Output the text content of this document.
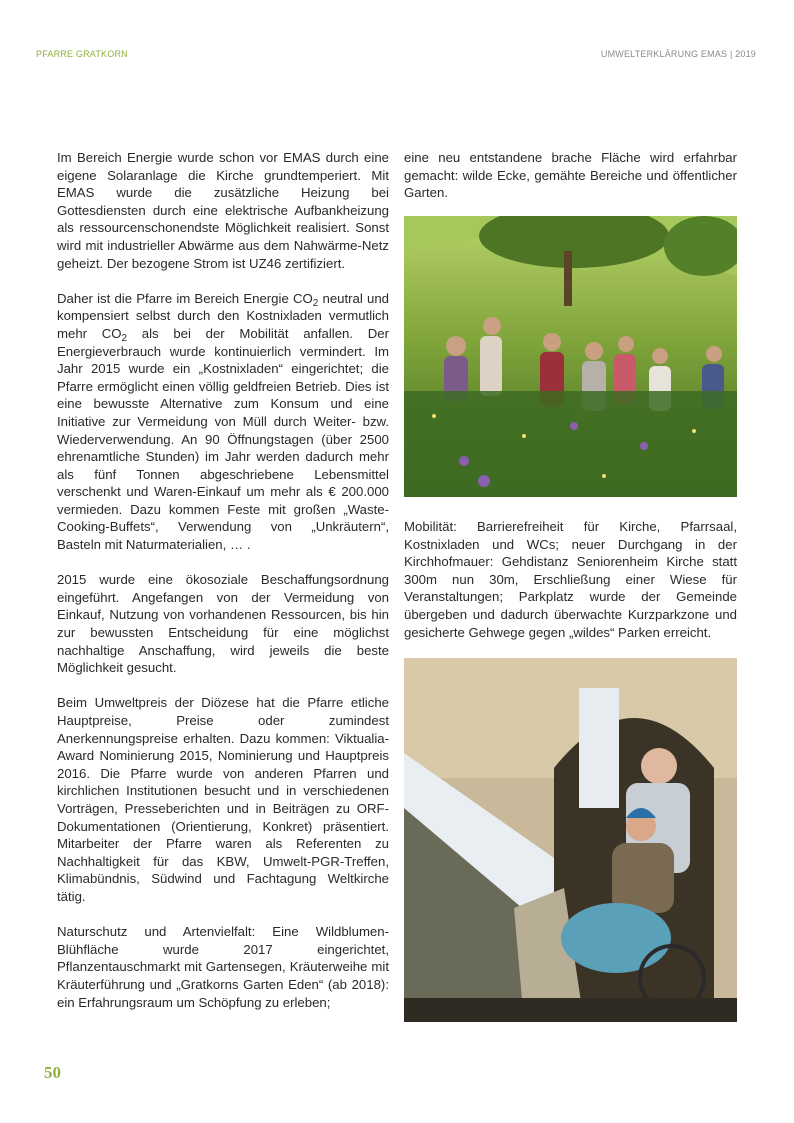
PFARRE GRATKORN	UMWELTERKLÄRUNG EMAS | 2019

Im Bereich Energie wurde schon vor EMAS durch eine eigene Solaranlage die Kirche grundtemperiert. Mit EMAS wurde die zusätzliche Heizung bei Gottesdiensten durch eine elektrische Aufbankheizung als ressourcenschonendste Möglichkeit realisiert. Sonst wird mit industrieller Abwärme aus dem Nahwärme-Netz geheizt. Der bezogene Strom ist UZ46 zertifiziert.

Daher ist die Pfarre im Bereich Energie $CO_2$ neutral und kompensiert selbst durch den Kostnixladen vermutlich mehr $CO_2$ als bei der Mobilität anfallen. Der Energieverbrauch wurde kontinuierlich vermindert. Im Jahr 2015 wurde ein „Kostnixladen“ eingerichtet; die Pfarre ermöglicht einen völlig geldfreien Betrieb. Dies ist eine bewusste Alternative zum Konsum und eine Initiative zur Vermeidung von Müll durch Weiter- bzw. Wiederverwendung. An 90 Öffnungstagen (über 2500 ehrenamtliche Stunden) im Jahr werden dadurch mehr als fünf Tonnen abgeschriebene Lebensmittel verschenkt und Waren-Einkauf um mehr als € 200.000 vermieden. Dazu kommen Feste mit großen „Waste-Cooking-Buffets“, Verwendung von „Unkräutern“, Basteln mit Naturmaterialien, … .

2015 wurde eine ökosoziale Beschaffungsordnung eingeführt. Angefangen von der Vermeidung von Einkauf, Nutzung von vorhandenen Ressourcen, bis hin zur bewussten Entscheidung für eine möglichst nachhaltige Anschaffung, wird jeweils die beste Möglichkeit gesucht.

Beim Umweltpreis der Diözese hat die Pfarre etliche Hauptpreise, Preise oder zumindest Anerkennungspreise erhalten. Dazu kommen: Viktualia-Award Nominierung 2015, Nominierung und Hauptpreis 2016. Die Pfarre wurde von anderen Pfarren und kirchlichen Institutionen besucht und in verschiedenen Vorträgen, Presseberichten und in Beiträgen zu ORF-Dokumentationen (Orientierung, Konkret) präsentiert. Mitarbeiter der Pfarre waren als Referenten zu Nachhaltigkeit für das KBW, Umwelt-PGR-Treffen, Klimabündnis, Südwind und Fachtagung Weltkirche tätig.

Naturschutz und Artenvielfalt: Eine Wildblumen-Blühfläche wurde 2017 eingerichtet, Pflanzentauschmarkt mit Gartensegen, Kräuterweihe mit Kräuterführung und „Gratkorns Garten Eden“ (ab 2018): ein Erfahrungsraum um Schöpfung zu erleben;

eine neu entstandene brache Fläche wird erfahrbar gemacht: wilde Ecke, gemähte Bereiche und öffentlicher Garten.

Mobilität: Barrierefreiheit für Kirche, Pfarrsaal, Kostnixladen und WCs; neuer Durchgang in der Kirchhofmauer: Gehdistanz Seniorenheim Kirche statt 300m nun 30m, Erschließung einer Wiese für Veranstaltungen; Parkplatz wurde der Gemeinde übergeben und dadurch überwachte Kurzparkzone und gesicherte Gehwege gegen „wildes“ Parken erreicht.
50
